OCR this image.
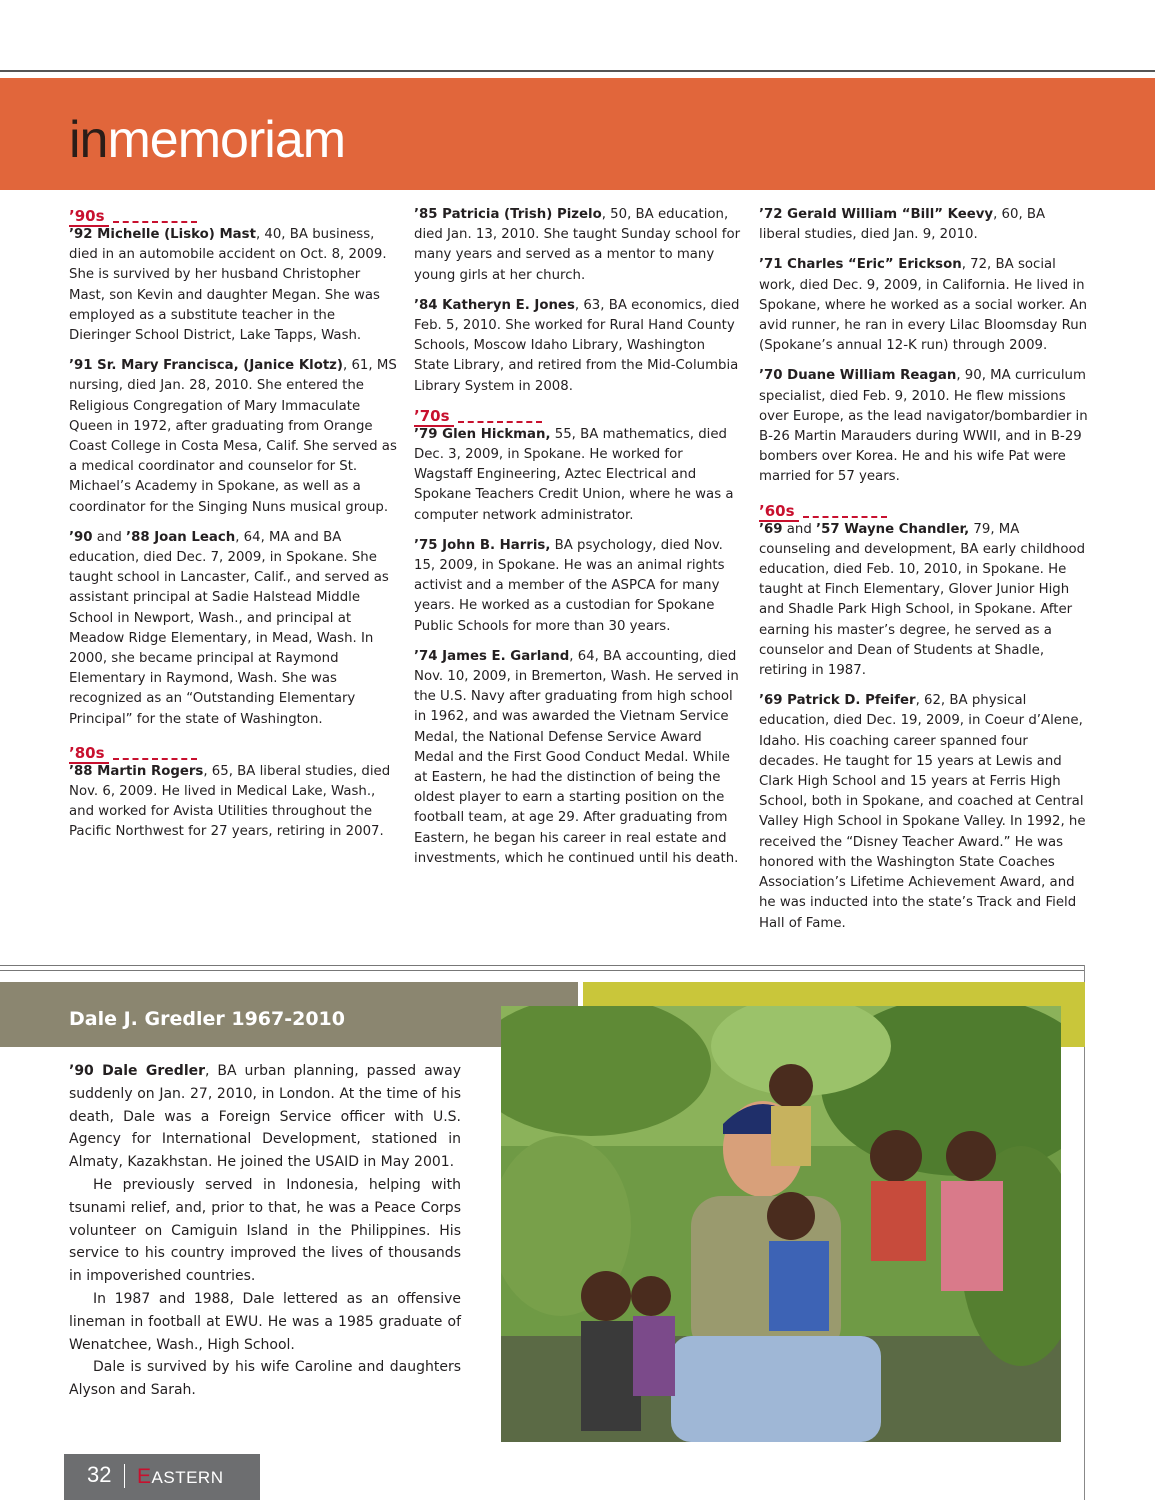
inmemoriam
’90s

’92 Michelle (Lisko) Mast, 40, BA business, died in an automobile accident on Oct. 8, 2009. She is survived by her husband Christopher Mast, son Kevin and daughter Megan. She was employed as a substitute teacher in the Dieringer School District, Lake Tapps, Wash.

’91 Sr. Mary Francisca, (Janice Klotz), 61, MS nursing, died Jan. 28, 2010. She entered the Religious Congregation of Mary Immaculate Queen in 1972, after graduating from Orange Coast College in Costa Mesa, Calif. She served as a medical coordinator and counselor for St. Michael’s Academy in Spokane, as well as a coordinator for the Singing Nuns musical group.

’90 and ’88 Joan Leach, 64, MA and BA education, died Dec. 7, 2009, in Spokane. She taught school in Lancaster, Calif., and served as assistant principal at Sadie Halstead Middle School in Newport, Wash., and principal at Meadow Ridge Elementary, in Mead, Wash. In 2000, she became principal at Raymond Elementary in Raymond, Wash. She was recognized as an “Outstanding Elementary Principal” for the state of Washington.

’80s

’88 Martin Rogers, 65, BA liberal studies, died Nov. 6, 2009. He lived in Medical Lake, Wash., and worked for Avista Utilities throughout the Pacific Northwest for 27 years, retiring in 2007.

’85 Patricia (Trish) Pizelo, 50, BA education, died Jan. 13, 2010. She taught Sunday school for many years and served as a mentor to many young girls at her church.

’84 Katheryn E. Jones, 63, BA economics, died Feb. 5, 2010. She worked for Rural Hand County Schools, Moscow Idaho Library, Washington State Library, and retired from the Mid-Columbia Library System in 2008.

’70s

’79 Glen Hickman, 55, BA mathematics, died Dec. 3, 2009, in Spokane. He worked for Wagstaff Engineering, Aztec Electrical and Spokane Teachers Credit Union, where he was a computer network administrator.

’75 John B. Harris, BA psychology, died Nov. 15, 2009, in Spokane. He was an animal rights activist and a member of the ASPCA for many years. He worked as a custodian for Spokane Public Schools for more than 30 years.

’74 James E. Garland, 64, BA accounting, died Nov. 10, 2009, in Bremerton, Wash. He served in the U.S. Navy after graduating from high school in 1962, and was awarded the Vietnam Service Medal, the National Defense Service Award Medal and the First Good Conduct Medal. While at Eastern, he had the distinction of being the oldest player to earn a starting position on the football team, at age 29. After graduating from Eastern, he began his career in real estate and investments, which he continued until his death.

’72 Gerald William “Bill” Keevy, 60, BA liberal studies, died Jan. 9, 2010.

’71 Charles “Eric” Erickson, 72, BA social work, died Dec. 9, 2009, in California. He lived in Spokane, where he worked as a social worker. An avid runner, he ran in every Lilac Bloomsday Run (Spokane’s annual 12-K run) through 2009.

’70 Duane William Reagan, 90, MA curriculum specialist, died Feb. 9, 2010. He flew missions over Europe, as the lead navigator/bombardier in B-26 Martin Marauders during WWII, and in B-29 bombers over Korea. He and his wife Pat were married for 57 years.

’60s

’69 and ’57 Wayne Chandler, 79, MA counseling and development, BA early childhood education, died Feb. 10, 2010, in Spokane. He taught at Finch Elementary, Glover Junior High and Shadle Park High School, in Spokane. After earning his master’s degree, he served as a counselor and Dean of Students at Shadle, retiring in 1987.

’69 Patrick D. Pfeifer, 62, BA physical education, died Dec. 19, 2009, in Coeur d’Alene, Idaho. His coaching career spanned four decades. He taught for 15 years at Lewis and Clark High School and 15 years at Ferris High School, both in Spokane, and coached at Central Valley High School in Spokane Valley. In 1992, he received the “Disney Teacher Award.” He was honored with the Washington State Coaches Association’s Lifetime Achievement Award, and he was inducted into the state’s Track and Field Hall of Fame.

Dale J. Gredler 1967-2010

’90 Dale Gredler, BA urban planning, passed away suddenly on Jan. 27, 2010, in London. At the time of his death, Dale was a Foreign Service officer with U.S. Agency for International Development, stationed in Almaty, Kazakhstan. He joined the USAID in May 2001.

He previously served in Indonesia, helping with tsunami relief, and, prior to that, he was a Peace Corps volunteer on Camiguin Island in the Philippines. His service to his country improved the lives of thousands in impoverished countries.

In 1987 and 1988, Dale lettered as an offensive lineman in football at EWU. He was a 1985 graduate of Wenatchee, Wash., High School.

Dale is survived by his wife Caroline and daughters Alyson and Sarah.

32 EASTERN
